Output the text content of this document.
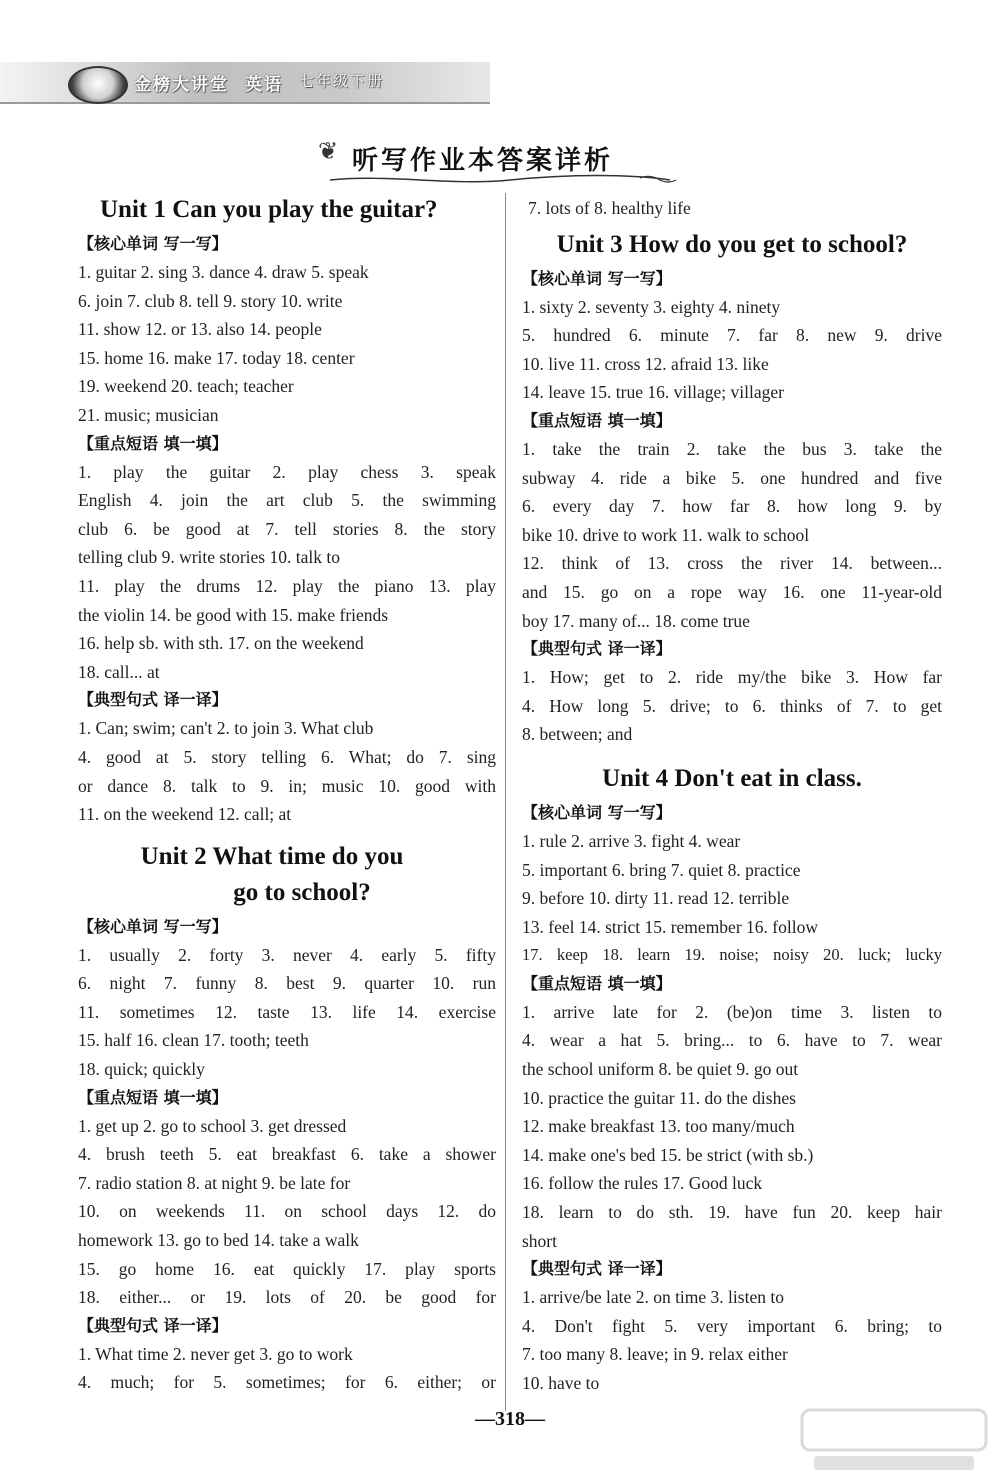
金榜大讲堂 英语 七年级下册
❦ 听写作业本答案详析
Unit 1 Can you play the guitar?
【核心单词 写一写】
1. guitar 2. sing 3. dance 4. draw 5. speak
6. join 7. club 8. tell 9. story 10. write
11. show 12. or 13. also 14. people
15. home 16. make 17. today 18. center
19. weekend 20. teach; teacher
21. music; musician
【重点短语 填一填】
1. play the guitar 2. play chess 3. speak
English 4. join the art club 5. the swimming
club 6. be good at 7. tell stories 8. the story
telling club 9. write stories 10. talk to
11. play the drums 12. play the piano 13. play
the violin 14. be good with 15. make friends
16. help sb. with sth. 17. on the weekend
18. call... at
【典型句式 译一译】
1. Can; swim; can't 2. to join 3. What club
4. good at 5. story telling 6. What; do 7. sing
or dance 8. talk to 9. in; music 10. good with
11. on the weekend 12. call; at
Unit 2 What time do you
go to school?
【核心单词 写一写】
1. usually 2. forty 3. never 4. early 5. fifty
6. night 7. funny 8. best 9. quarter 10. run
11. sometimes 12. taste 13. life 14. exercise
15. half 16. clean 17. tooth; teeth
18. quick; quickly
【重点短语 填一填】
1. get up 2. go to school 3. get dressed
4. brush teeth 5. eat breakfast 6. take a shower
7. radio station 8. at night 9. be late for
10. on weekends 11. on school days 12. do
homework 13. go to bed 14. take a walk
15. go home 16. eat quickly 17. play sports
18. either... or 19. lots of 20. be good for
【典型句式 译一译】
1. What time 2. never get 3. go to work
4. much; for 5. sometimes; for 6. either; or
7. lots of 8. healthy life
Unit 3 How do you get to school?
【核心单词 写一写】
1. sixty 2. seventy 3. eighty 4. ninety
5. hundred 6. minute 7. far 8. new 9. drive
10. live 11. cross 12. afraid 13. like
14. leave 15. true 16. village; villager
【重点短语 填一填】
1. take the train 2. take the bus 3. take the
subway 4. ride a bike 5. one hundred and five
6. every day 7. how far 8. how long 9. by
bike 10. drive to work 11. walk to school
12. think of 13. cross the river 14. between...
and 15. go on a rope way 16. one 11-year-old
boy 17. many of... 18. come true
【典型句式 译一译】
1. How; get to 2. ride my/the bike 3. How far
4. How long 5. drive; to 6. thinks of 7. to get
8. between; and
Unit 4 Don't eat in class.
【核心单词 写一写】
1. rule 2. arrive 3. fight 4. wear
5. important 6. bring 7. quiet 8. practice
9. before 10. dirty 11. read 12. terrible
13. feel 14. strict 15. remember 16. follow
17. keep 18. learn 19. noise; noisy 20. luck; lucky
【重点短语 填一填】
1. arrive late for 2. (be)on time 3. listen to
4. wear a hat 5. bring... to 6. have to 7. wear
the school uniform 8. be quiet 9. go out
10. practice the guitar 11. do the dishes
12. make breakfast 13. too many/much
14. make one's bed 15. be strict (with sb.)
16. follow the rules 17. Good luck
18. learn to do sth. 19. have fun 20. keep hair
short
【典型句式 译一译】
1. arrive/be late 2. on time 3. listen to
4. Don't fight 5. very important 6. bring; to
7. too many 8. leave; in 9. relax either
10. have to
—318—
